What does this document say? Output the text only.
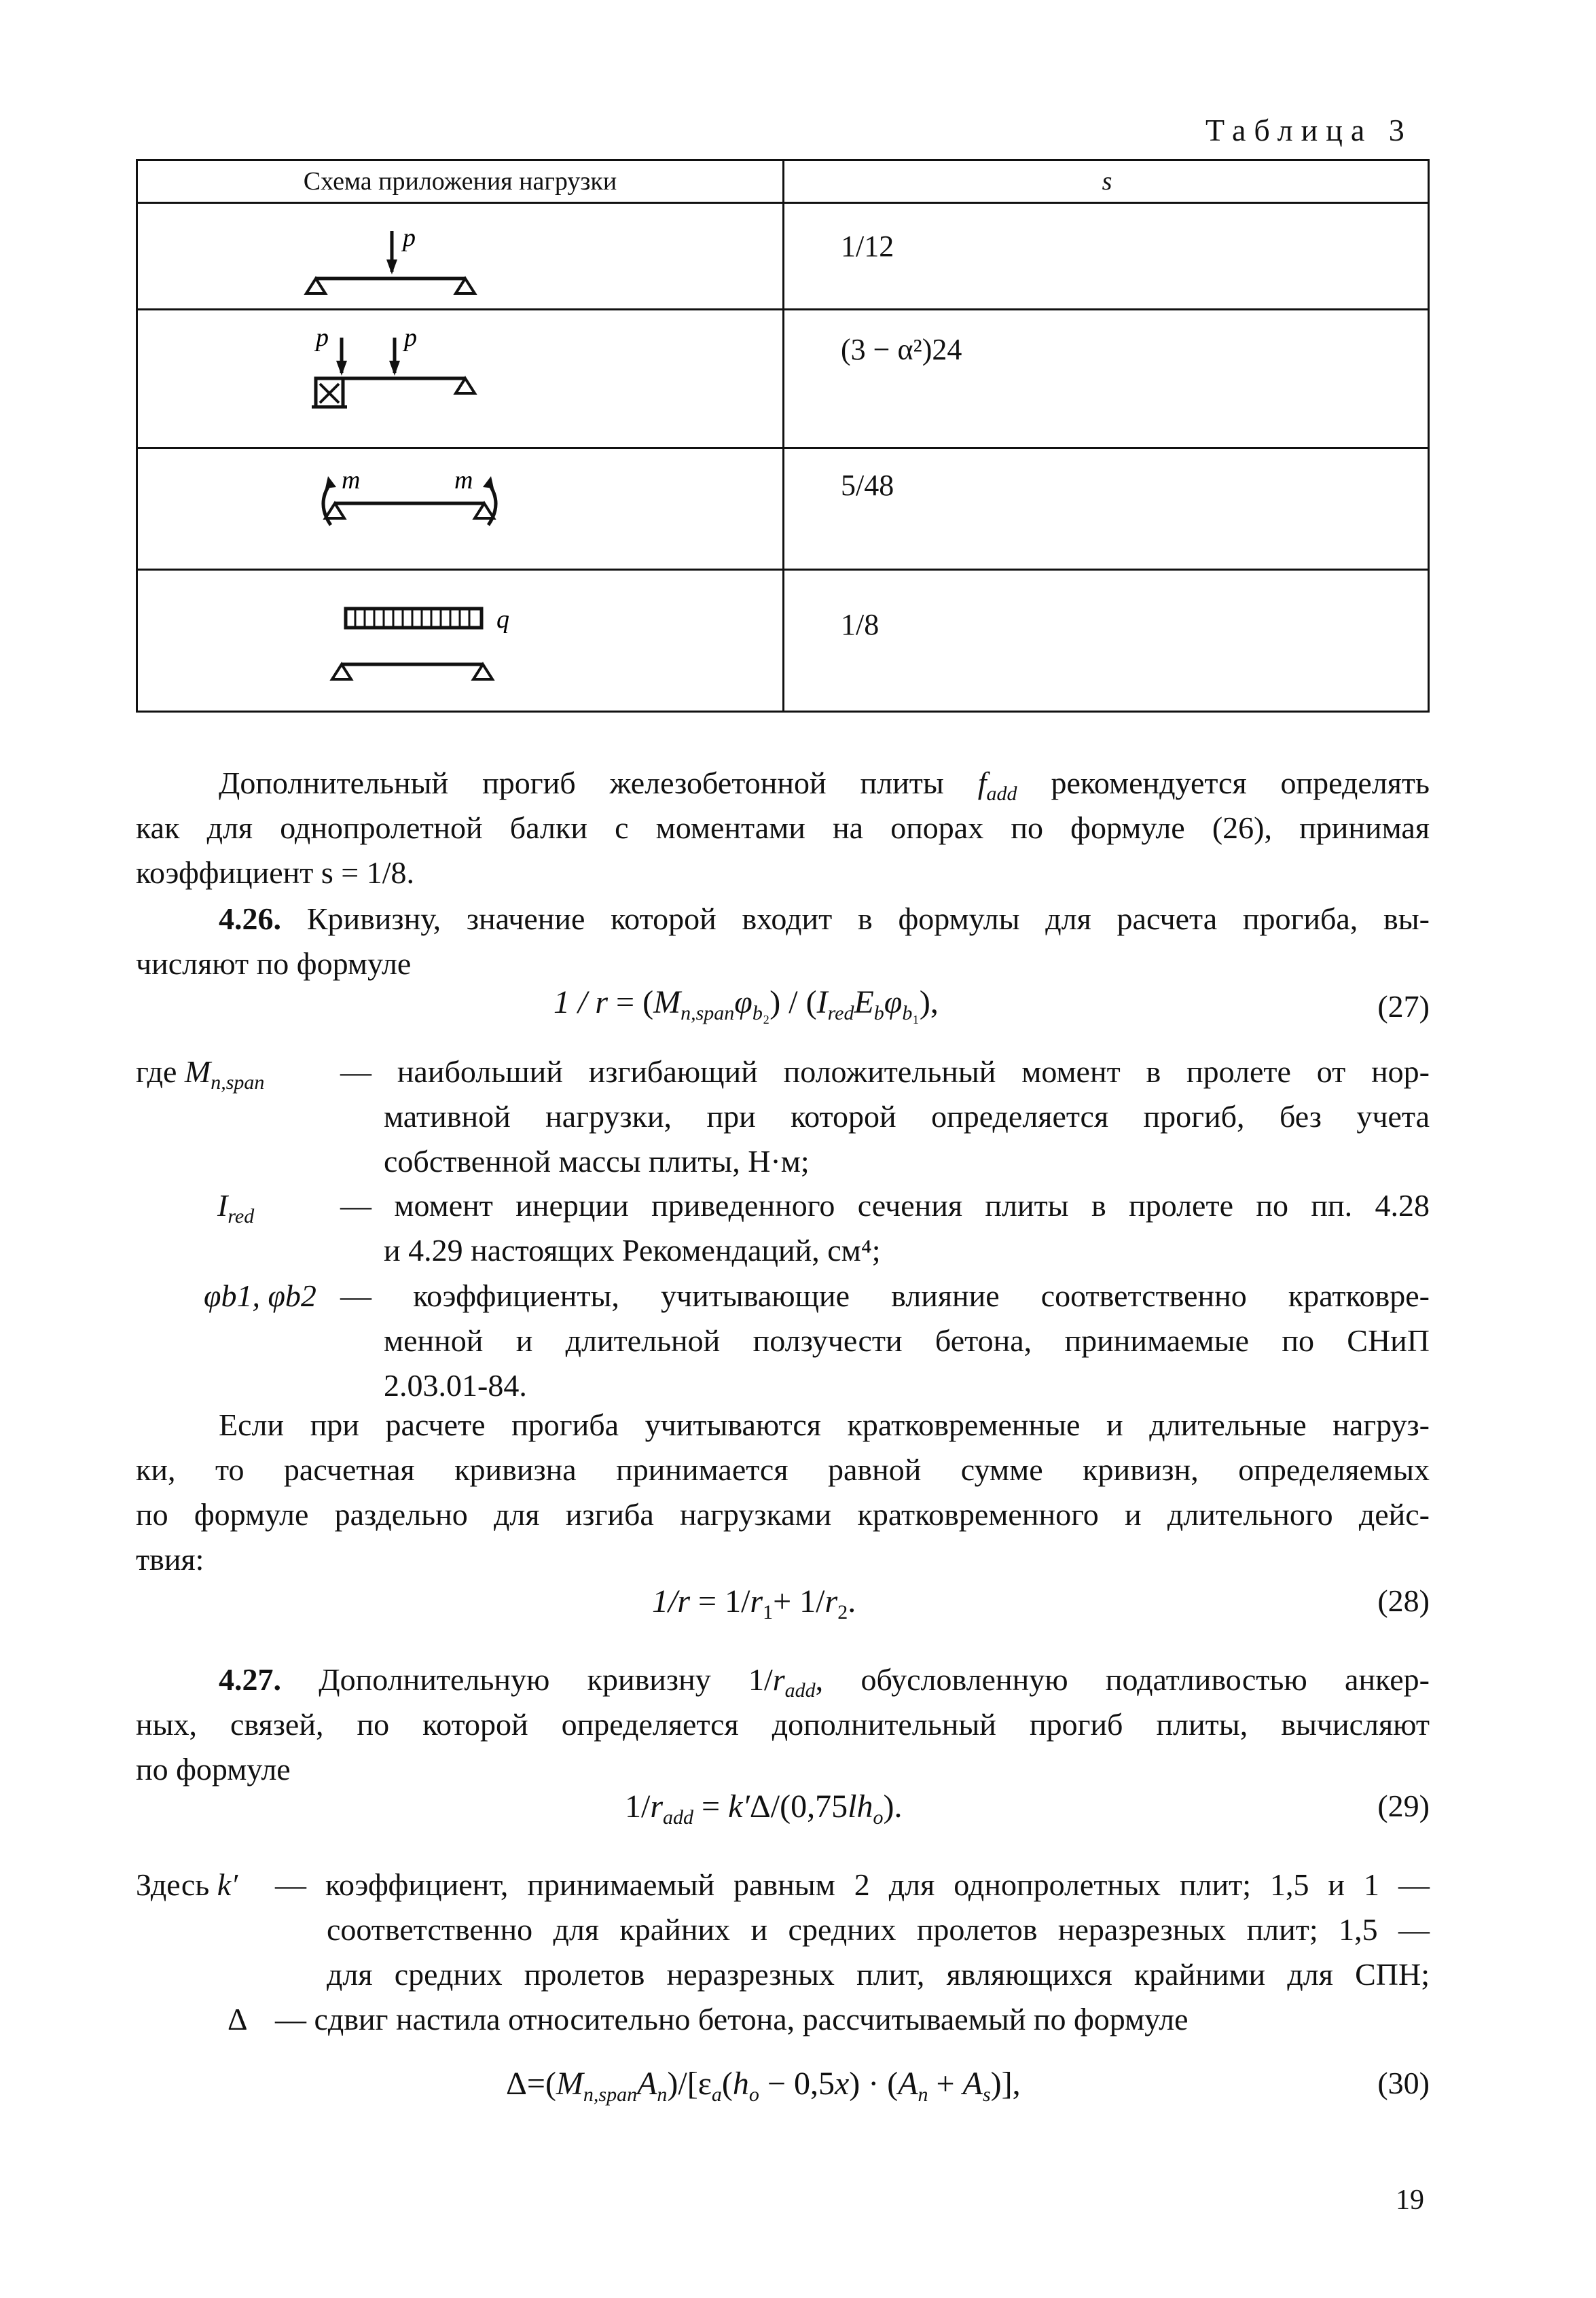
Таблица 3
Схема приложения нагрузки	s
p	1/12
p	p	(3 − α²)24
m	m	5/48
q	1/8
Дополнительный прогиб железобетонной плиты $f_{add}$ рекомендуется определять
как для однопролетной балки с моментами на опорах по формуле (26), принимая
коэффициент s = 1/8.
4.26. Кривизну, значение которой входит в формулы для расчета прогиба, вы-
числяют по формуле
$1 / r = (M_{n,span}\varphi_{b_2}) / (I_{red}E_b\varphi_{b_1})$,	(27)
где $M_{n,span}$ — наибольший изгибающий положительный момент в пролете от нор-
мативной нагрузки, при которой определяется прогиб, без учета
собственной массы плиты, Н·м;
$I_{red}$	— момент инерции приведенного сечения плиты в пролете по пп. 4.28
и 4.29 настоящих Рекомендаций, см⁴;
φb1, φb2 — коэффициенты, учитывающие влияние соответственно кратковре-
менной и длительной ползучести бетона, принимаемые по СНиП
2.03.01-84.
Если при расчете прогиба учитываются кратковременные и длительные нагруз-
ки, то расчетная кривизна принимается равной сумме кривизн, определяемых
по формуле раздельно для изгиба нагрузками кратковременного и длительного дейс-
твия:
$1/r = 1/r_1+ 1/r_2$.	(28)
4.27. Дополнительную кривизну $1/r_{add}$, обусловленную податливостью анкер-
ных, связей, по которой определяется дополнительный прогиб плиты, вычисляют
по формуле
$1/r_{add} = k'\Delta/(0,75lh_o)$.	(29)
Здесь k′ — коэффициент, принимаемый равным 2 для однопролетных плит; 1,5 и 1 —
соответственно для крайних и средних пролетов неразрезных плит; 1,5 —
для средних пролетов неразрезных плит, являющихся крайними для СПН;
Δ — сдвиг настила относительно бетона, рассчитываемый по формуле
$\Delta=(M_{n,span}A_n)/[\varepsilon_a(h_o - 0,5x) \cdot (A_n + A_s)]$,	(30)
19
